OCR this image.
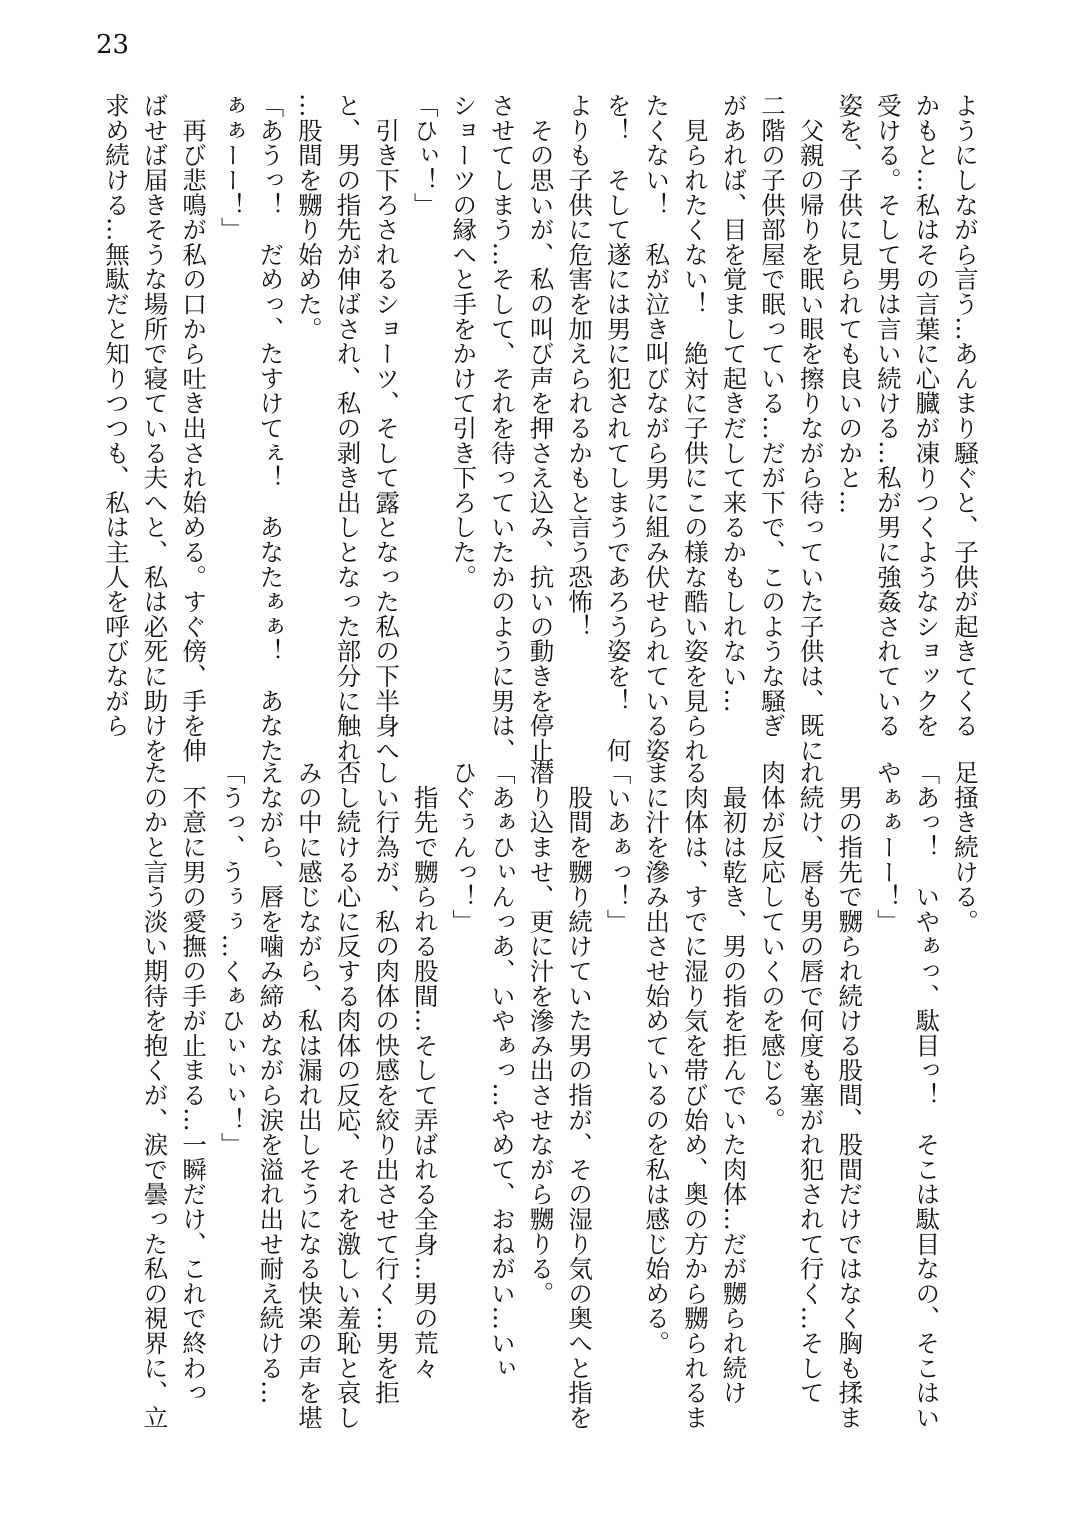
23

ようにしながら言う…あんまり騒ぐと、子供が起きてくる

かもと…私はその言葉に心臓が凍りつくようなショックを

受ける。そして男は言い続ける…私が男に強姦されている

姿を、子供に見られても良いのかと…

　父親の帰りを眠い眼を擦りながら待っていた子供は、既に

二階の子供部屋で眠っている…だが下で、このような騒ぎ

があれば、目を覚まして起きだして来るかもしれない…

　見られたくない！　絶対に子供にこの様な酷い姿を見られ

たくない！　私が泣き叫びながら男に組み伏せられている姿

を！　そして遂には男に犯されてしまうであろう姿を！　何

よりも子供に危害を加えられるかもと言う恐怖！

　その思いが、私の叫び声を押さえ込み、抗いの動きを停止

させてしまう…そして、それを待っていたかのように男は、

ショーツの縁へと手をかけて引き下ろした。

「ひぃ！」

　引き下ろされるショーツ、そして露となった私の下半身へ

と、男の指先が伸ばされ、私の剥き出しとなった部分に触れ

…股間を嬲り始めた。

「あうっ！　だめっ、たすけてぇ！　あなたぁぁ！　あなた

ぁぁーー！」

　再び悲鳴が私の口から吐き出され始める。すぐ傍、手を伸

ばせば届きそうな場所で寝ている夫へと、私は必死に助けを

求め続ける…無駄だと知りつつも、私は主人を呼びながら

足掻き続ける。

「あっ！　いやぁっ、駄目っ！　そこは駄目なの、そこはい

やぁぁーー！」

　男の指先で嬲られ続ける股間、股間だけではなく胸も揉ま

れ続け、唇も男の唇で何度も塞がれ犯されて行く…そして

肉体が反応していくのを感じる。

　最初は乾き、男の指を拒んでいた肉体…だが嬲られ続け

る肉体は、すでに湿り気を帯び始め、奥の方から嬲られるま

まに汁を滲み出させ始めているのを私は感じ始める。

「いあぁっ！」

　股間を嬲り続けていた男の指が、その湿り気の奥へと指を

潜り込ませ、更に汁を滲み出させながら嬲りる。

「あぁひぃんっあ、いやぁっ…やめて、おねがい…いぃ

ひぐぅんっ！」

　指先で嬲られる股間…そして弄ばれる全身…男の荒々

しい行為が、私の肉体の快感を絞り出させて行く…男を拒

否し続ける心に反する肉体の反応、それを激しい羞恥と哀し

みの中に感じながら、私は漏れ出しそうになる快楽の声を堪

えながら、唇を噛み締めながら涙を溢れ出せ耐え続ける…

「うっ、うぅぅ…くぁひぃぃぃ！」

　不意に男の愛撫の手が止まる…一瞬だけ、これで終わっ

たのかと言う淡い期待を抱くが、涙で曇った私の視界に、立
